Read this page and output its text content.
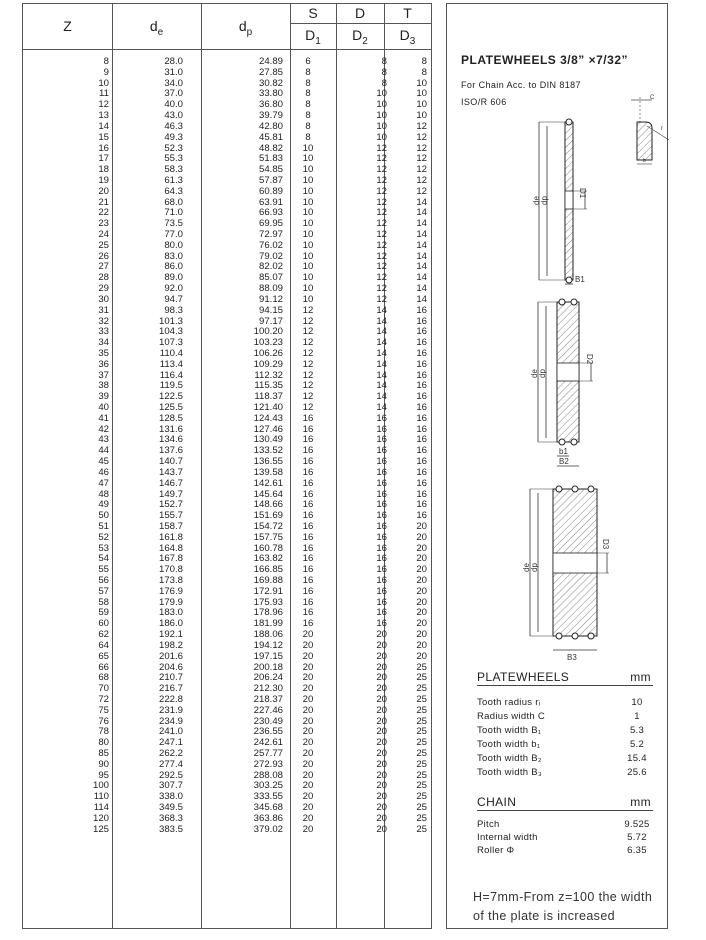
Z	$d_e$	$d_p$
S	D	T
$D_1$	$D_2$	$D_3$
8	28.0	24.89	6	8	8
9	31.0	27.85	8	8	8
10	34.0	30.82	8	8	10
11	37.0	33.80	8	10	10
12	40.0	36.80	8	10	10
13	43.0	39.79	8	10	10
14	46.3	42.80	8	10	12
15	49.3	45.81	8	10	12
16	52.3	48.82	10	12	12
17	55.3	51.83	10	12	12
18	58.3	54.85	10	12	12
19	61.3	57.87	10	12	12
20	64.3	60.89	10	12	12
21	68.0	63.91	10	12	14
22	71.0	66.93	10	12	14
23	73.5	69.95	10	12	14
24	77.0	72.97	10	12	14
25	80.0	76.02	10	12	14
26	83.0	79.02	10	12	14
27	86.0	82.02	10	12	14
28	89.0	85.07	10	12	14
29	92.0	88.09	10	12	14
30	94.7	91.12	10	12	14
31	98.3	94.15	12	14	16
32	101.3	97.17	12	14	16
33	104.3	100.20	12	14	16
34	107.3	103.23	12	14	16
35	110.4	106.26	12	14	16
36	113.4	109.29	12	14	16
37	116.4	112.32	12	14	16
38	119.5	115.35	12	14	16
39	122.5	118.37	12	14	16
40	125.5	121.40	12	14	16
41	128.5	124.43	16	16	16
42	131.6	127.46	16	16	16
43	134.6	130.49	16	16	16
44	137.6	133.52	16	16	16
45	140.7	136.55	16	16	16
46	143.7	139.58	16	16	16
47	146.7	142.61	16	16	16
48	149.7	145.64	16	16	16
49	152.7	148.66	16	16	16
50	155.7	151.69	16	16	16
51	158.7	154.72	16	16	20
52	161.8	157.75	16	16	20
53	164.8	160.78	16	16	20
54	167.8	163.82	16	16	20
55	170.8	166.85	16	16	20
56	173.8	169.88	16	16	20
57	176.9	172.91	16	16	20
58	179.9	175.93	16	16	20
59	183.0	178.96	16	16	20
60	186.0	181.99	16	16	20
62	192.1	188.06	20	20	20
64	198.2	194.12	20	20	20
65	201.6	197.15	20	20	20
66	204.6	200.18	20	20	25
68	210.7	206.24	20	20	25
70	216.7	212.30	20	20	25
72	222.8	218.37	20	20	25
75	231.9	227.46	20	20	25
76	234.9	230.49	20	20	25
78	241.0	236.55	20	20	25
80	247.1	242.61	20	20	25
85	262.2	257.77	20	20	25
90	277.4	272.93	20	20	25
95	292.5	288.08	20	20	25
100	307.7	303.25	20	20	25
110	338.0	333.55	20	20	25
114	349.5	345.68	20	20	25
120	368.3	363.86	20	20	25
125	383.5	379.02	20	20	25
PLATEWHEELS 3/8” ×7/32”
For Chain Acc. to DIN 8187
ISO/R 606	C
r
b
de dp
D1
B1
de dp
D2
b1
B2
de dp
D3
B3
PLATEWHEELS	mm
Tooth radius rᵢ	10
Radius width C	1
Tooth width B₁	5.3
Tooth width b₁	5.2
Tooth width B₂	15.4
Tooth width B₃	25.6
CHAIN	mm
Pitch	9.525
Internal width	5.72
Roller Φ	6.35
H=7mm-From z=100 the width
of the plate is increased
